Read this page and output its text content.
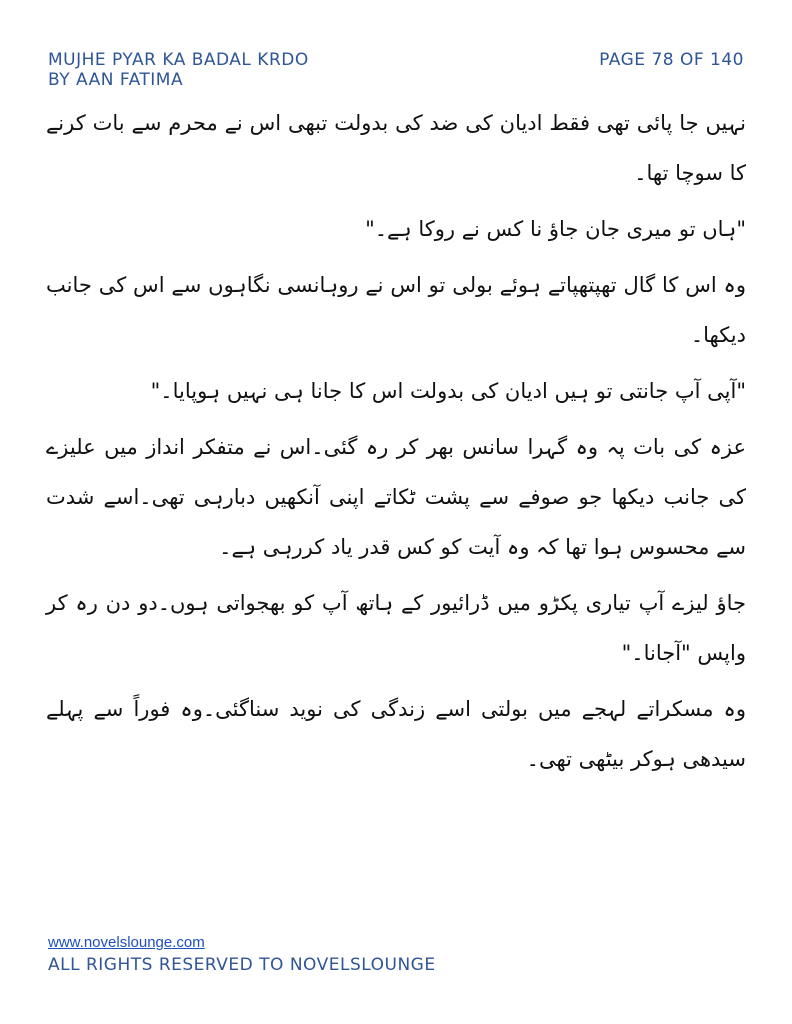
MUJHE PYAR KA BADAL KRDO
BY AAN FATIMA
PAGE 78 OF 140

نہیں جا پائی تھی فقط ادیان کی ضد کی بدولت تبھی اس نے محرم سے بات کرنے کا سوچا تھا۔

"ہاں تو میری جان جاؤ نا کس نے روکا ہے۔"

وہ اس کا گال تھپتھپاتے ہوئے بولی تو اس نے روہانسی نگاہوں سے اس کی جانب دیکھا۔

"آپی آپ جانتی تو ہیں ادیان کی بدولت اس کا جانا ہی نہیں ہوپایا۔"

عزہ کی بات پہ وہ گہرا سانس بھر کر رہ گئی۔اس نے متفکر انداز میں علیزے کی جانب دیکھا جو صوفے سے پشت ٹکاتے اپنی آنکھیں دبارہی تھی۔اسے شدت سے محسوس ہوا تھا کہ وہ آیت کو کس قدر یاد کررہی ہے۔

جاؤ لیزے آپ تیاری پکڑو میں ڈرائیور کے ہاتھ آپ کو بھجواتی ہوں۔دو دن رہ کر واپس "آجانا۔"

وہ مسکراتے لہجے میں بولتی اسے زندگی کی نوید سناگئی۔وہ فوراً سے پہلے سیدھی ہوکر بیٹھی تھی۔

www.novelslounge.com
ALL RIGHTS RESERVED TO NOVELSLOUNGE
